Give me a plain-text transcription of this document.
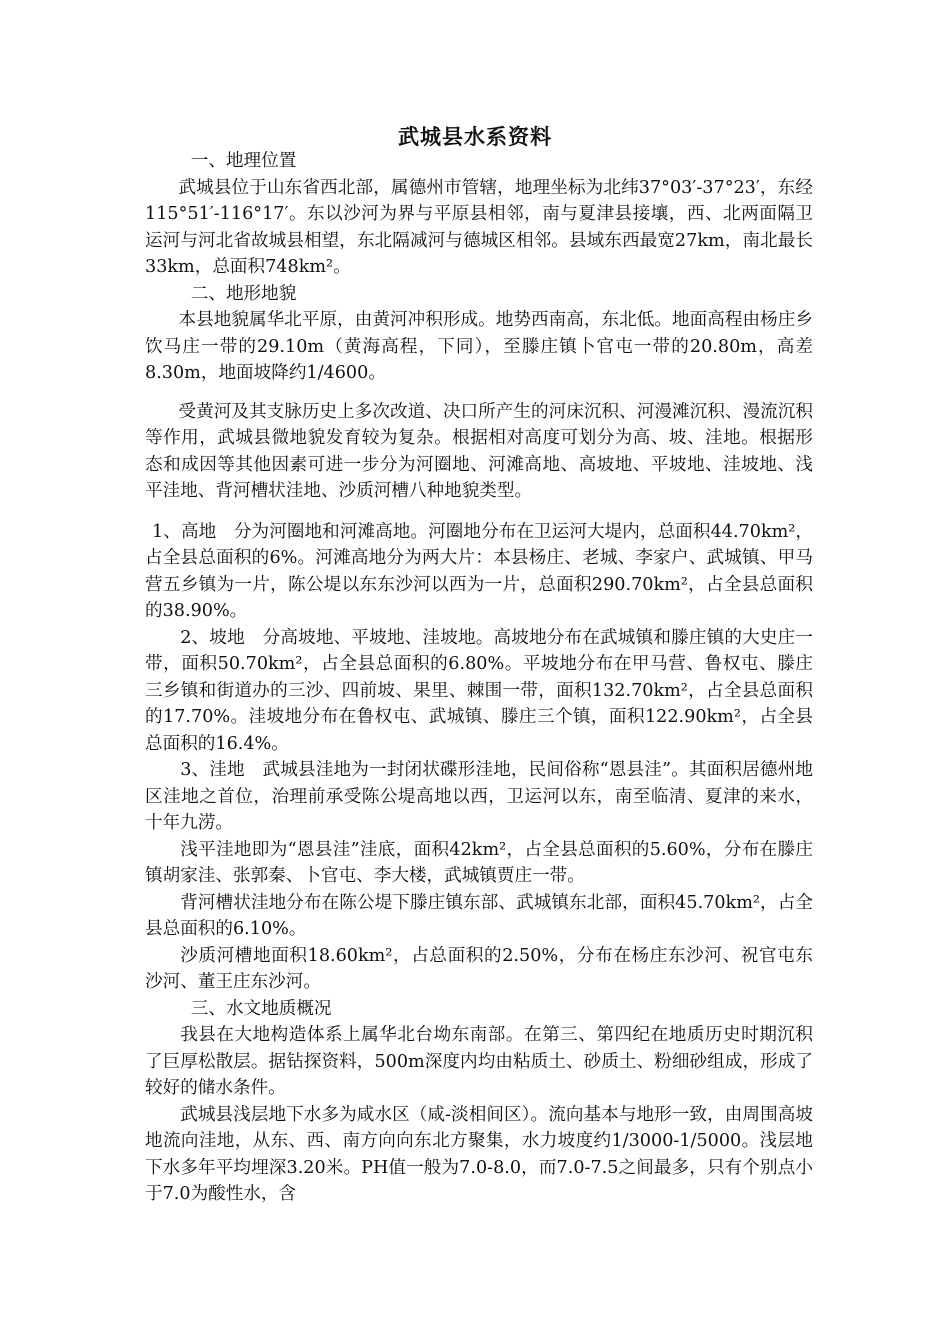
武城县水系资料

一、地理位置

武城县位于山东省西北部，属德州市管辖，地理坐标为北纬37°03′-37°23′，东经115°51′-116°17′。东以沙河为界与平原县相邻，南与夏津县接壤，西、北两面隔卫运河与河北省故城县相望，东北隔减河与德城区相邻。县域东西最宽27km，南北最长33km，总面积748km²。

二、地形地貌

本县地貌属华北平原，由黄河冲积形成。地势西南高，东北低。地面高程由杨庄乡饮马庄一带的29.10m（黄海高程，下同），至滕庄镇卜官屯一带的20.80m，高差8.30m，地面坡降约1/4600。

受黄河及其支脉历史上多次改道、决口所产生的河床沉积、河漫滩沉积、漫流沉积等作用，武城县微地貌发育较为复杂。根据相对高度可划分为高、坡、洼地。根据形态和成因等其他因素可进一步分为河圈地、河滩高地、高坡地、平坡地、洼坡地、浅平洼地、背河槽状洼地、沙质河槽八种地貌类型。

1、高地　分为河圈地和河滩高地。河圈地分布在卫运河大堤内，总面积44.70km²，占全县总面积的6%。河滩高地分为两大片：本县杨庄、老城、李家户、武城镇、甲马营五乡镇为一片，陈公堤以东东沙河以西为一片，总面积290.70km²，占全县总面积的38.90%。

2、坡地　分高坡地、平坡地、洼坡地。高坡地分布在武城镇和滕庄镇的大史庄一带，面积50.70km²，占全县总面积的6.80%。平坡地分布在甲马营、鲁权屯、滕庄三乡镇和街道办的三沙、四前坡、果里、棘围一带，面积132.70km²，占全县总面积的17.70%。洼坡地分布在鲁权屯、武城镇、滕庄三个镇，面积122.90km²，占全县总面积的16.4%。

3、洼地　武城县洼地为一封闭状碟形洼地，民间俗称“恩县洼”。其面积居德州地区洼地之首位，治理前承受陈公堤高地以西，卫运河以东，南至临清、夏津的来水，十年九涝。

浅平洼地即为“恩县洼”洼底，面积42km²，占全县总面积的5.60%，分布在滕庄镇胡家洼、张郭秦、卜官屯、李大楼，武城镇贾庄一带。

背河槽状洼地分布在陈公堤下滕庄镇东部、武城镇东北部，面积45.70km²，占全县总面积的6.10%。

沙质河槽地面积18.60km²，占总面积的2.50%，分布在杨庄东沙河、祝官屯东沙河、董王庄东沙河。

三、水文地质概况

我县在大地构造体系上属华北台坳东南部。在第三、第四纪在地质历史时期沉积了巨厚松散层。据钻探资料，500m深度内均由粘质土、砂质土、粉细砂组成，形成了较好的储水条件。

武城县浅层地下水多为咸水区（咸-淡相间区）。流向基本与地形一致，由周围高坡地流向洼地，从东、西、南方向向东北方聚集，水力坡度约1/3000-1/5000。浅层地下水多年平均埋深3.20米。PH值一般为7.0-8.0，而7.0-7.5之间最多，只有个别点小于7.0为酸性水，含
